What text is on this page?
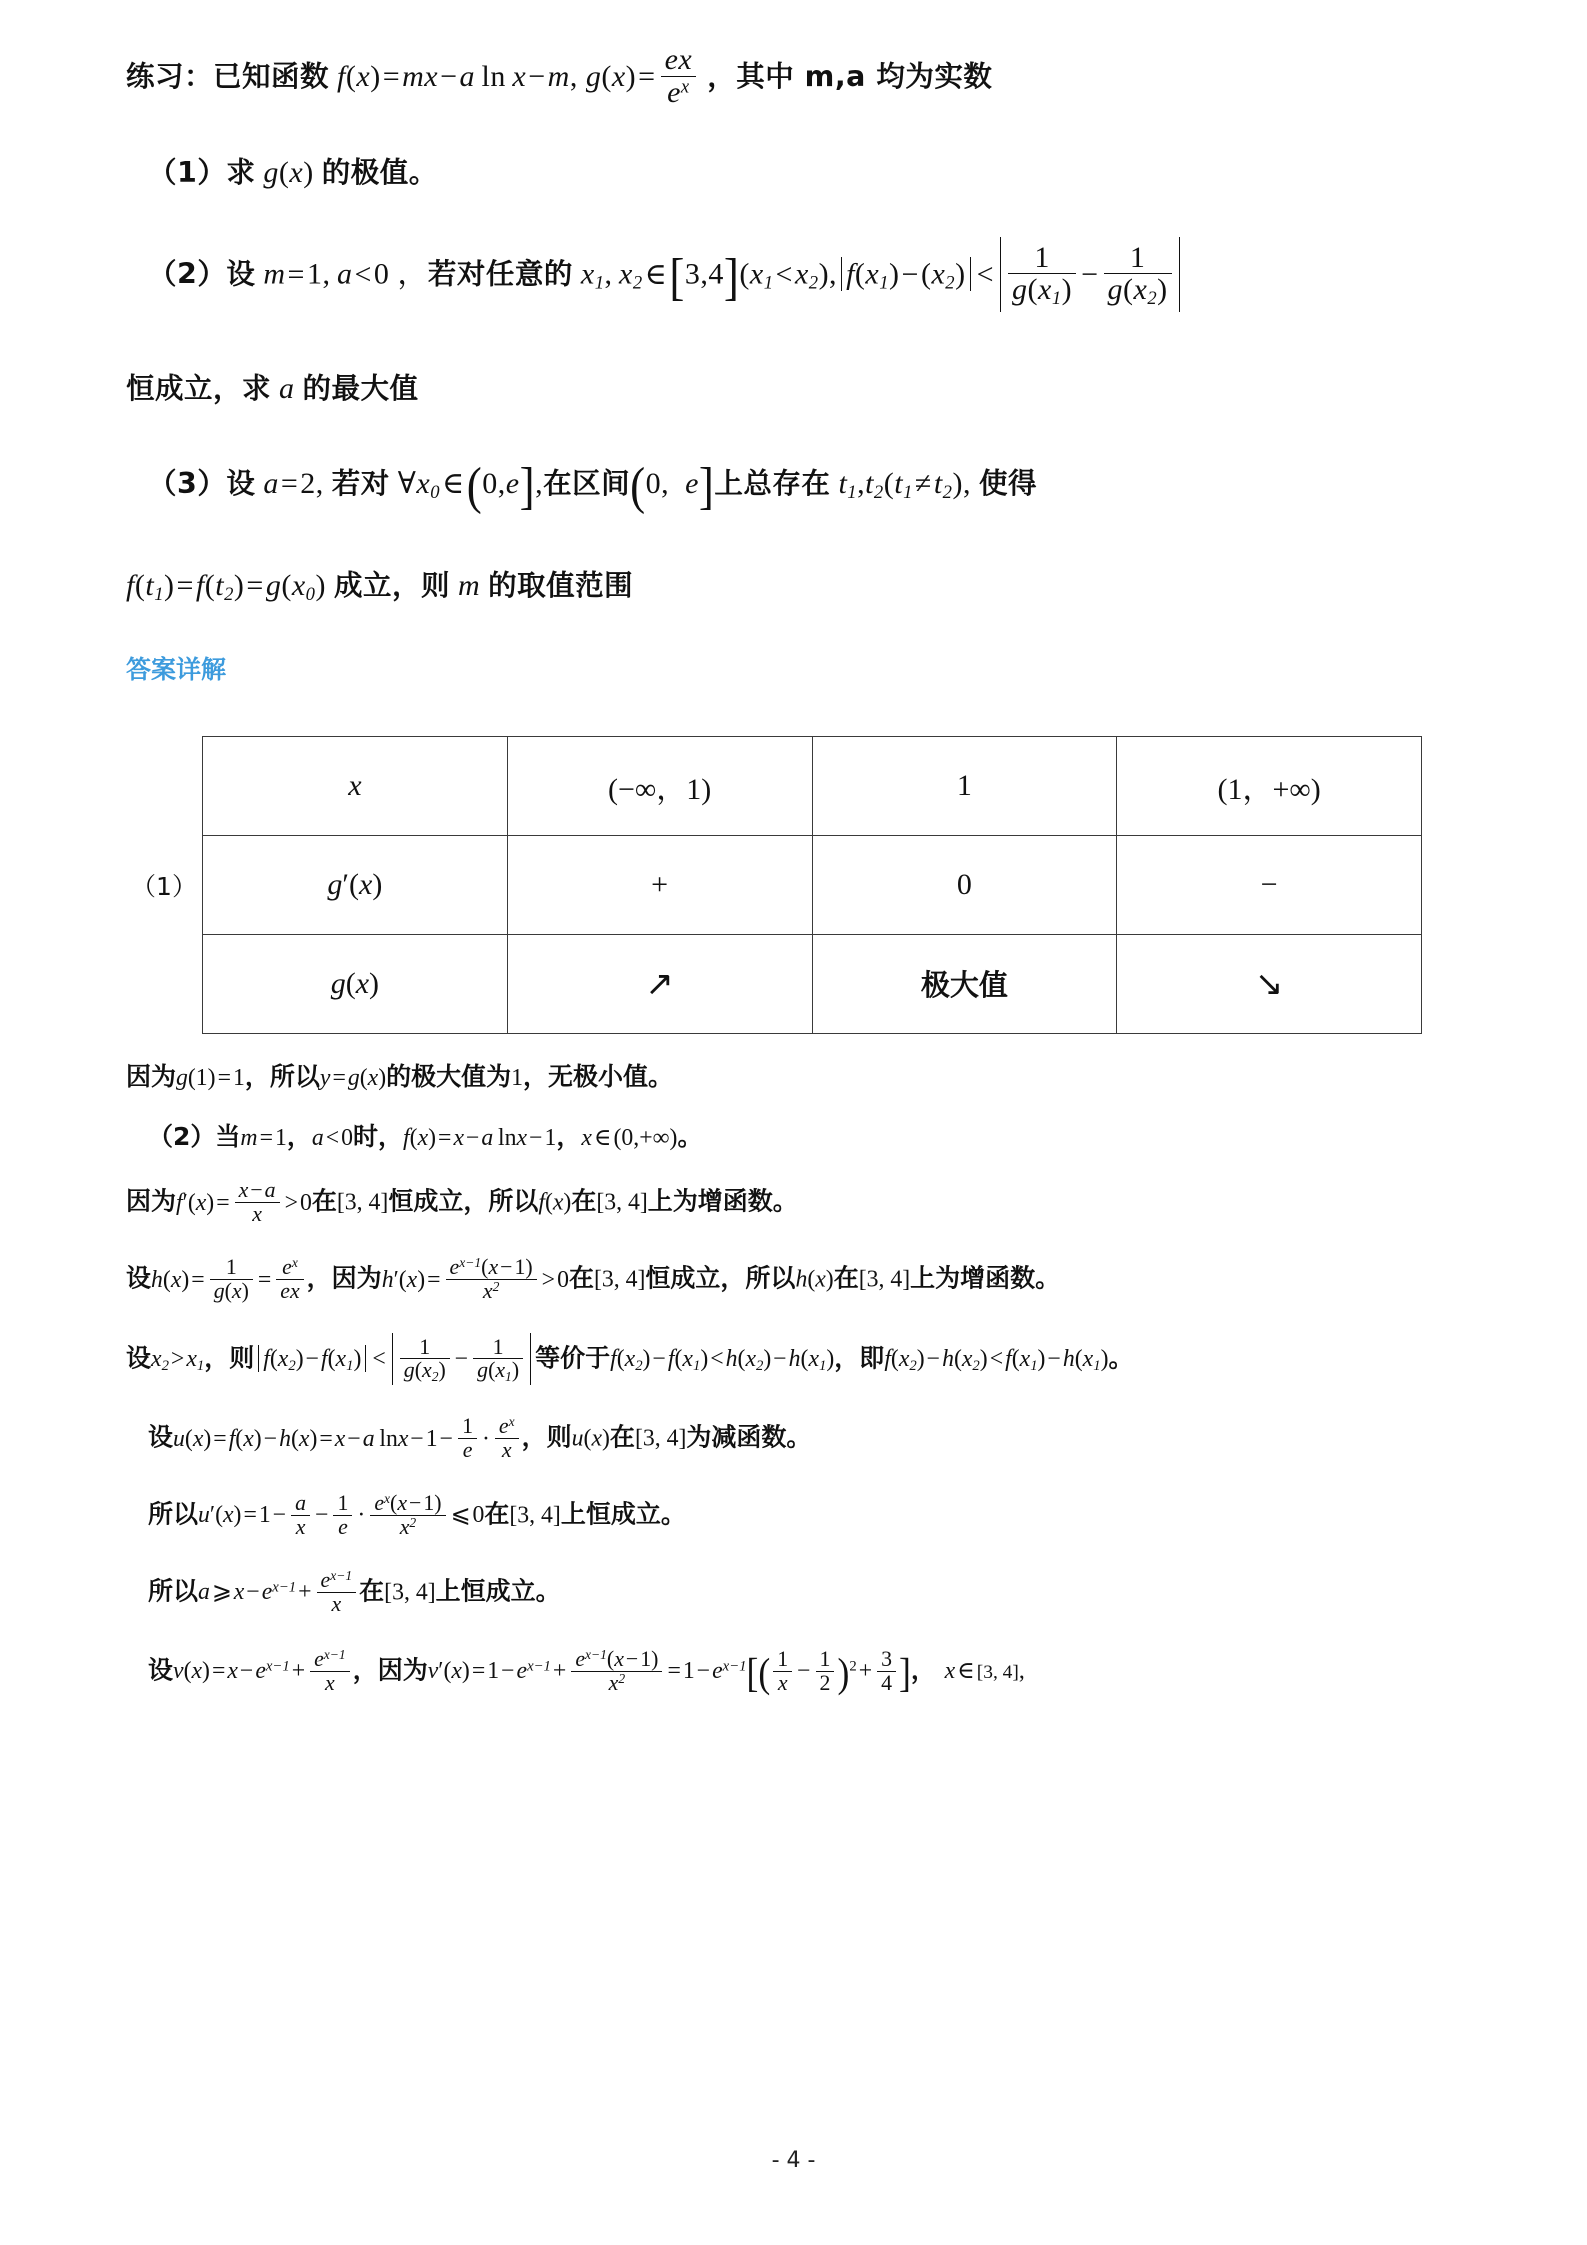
练习：已知函数 f(x)=mx−a  ln  x−m, $g(x)= \frac{ex}{e^x}$ ，其中 m,a 均为实数
（1）求 g(x) 的极值。
（2）设 m=1,  a<0 ，若对任意的 $x_1$, $x_2\in[3,4](x_1<x_2)$, $f(x_1)-(x_2) < \frac{1}{g(x_1)} - \frac{1}{g(x_2)}$
恒成立，求 a 的最大值
（3）设 a=2, 若对 $\forall x_0\in(0,e]$,在区间(0, e]上总存在 $t_1,t_2(t_1\ne t_2)$, 使得
$f(t_1)=f(t_2)=g(x_0)$ 成立，则 m 的取值范围
答案详解
（1）
x	(−∞，1)	1	(1，+∞)
g′(x)	+	0	−
g(x)	↗	极大值	↘
因为g(1)=1，所以y=g(x)的极大值为1，无极小值。
（2）当m=1，a<0时，f(x)=x−a  lnx−1，x∈(0,+∞)。
因为$f'(x)= \frac{x-a}{x} >0$在[3, 4]恒成立，所以f(x)在[3, 4]上为增函数。
设$h(x)= \frac{1}{g(x)} = \frac{e^x}{ex}$ ，因为$h'(x)= \frac{e^{x-1}(x-1)}{x^2} >0$在[3, 4]恒成立，所以h(x)在[3, 4]上为增函数。
设$x_2>x_1$，则 $f(x_2)-f(x_1) < \frac{1}{g(x_2)} - \frac{1}{g(x_1)}$ 等价于$f(x_2)-f(x_1)<h(x_2)-h(x_1)$，即$f(x_2)-h(x_2)<f(x_1)-h(x_1)$。
设u(x)=f(x)−h(x)=x−a  $\ln x-1- \frac{1}{e} \cdot \frac{e^x}{x}$ ，则u(x)在[3, 4]为减函数。
所以$u'(x)=1- \frac{a}{x} - \frac{1}{e} \cdot \frac{e^x(x-1)}{x^2}$ ⩽0在[3, 4]上恒成立。
所以$a⩾x-e^{x-1}+ \frac{e^{x-1}}{x}$ 在[3, 4]上恒成立。
设$v(x)=x-e^{x-1}+ \frac{e^{x-1}}{x}$ ，因为$v'(x)=1-e^{x-1}+ \frac{e^{x-1}(x-1)}{x^2} =1-e^{x-1}[( \frac{1}{x} - \frac{1}{2} )^2+ \frac{3}{4}$ ]， x∈ [3, 4],
- 4 -
